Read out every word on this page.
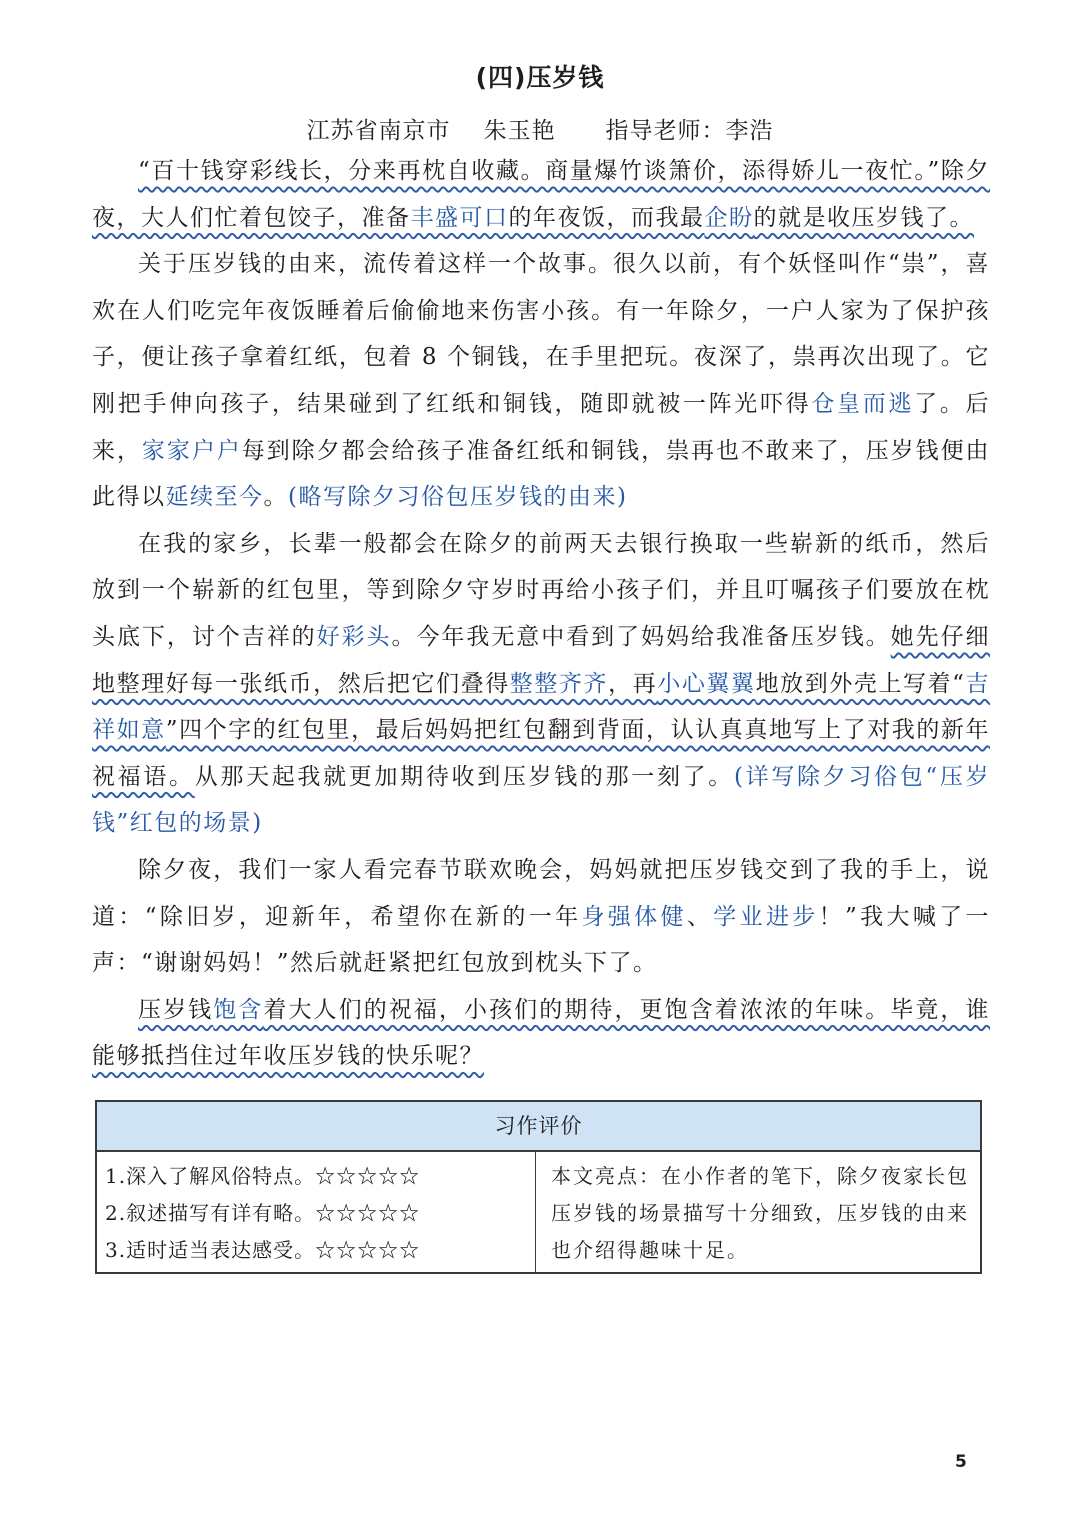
(四)压岁钱
江苏省南京市    朱玉艳      指导老师：李浩

“百十钱穿彩线长，分来再枕自收藏。商量爆竹谈箫价，添得娇儿一夜忙。”除夕夜，大人们忙着包饺子，准备丰盛可口的年夜饭，而我最企盼的就是收压岁钱了。

关于压岁钱的由来，流传着这样一个故事。很久以前，有个妖怪叫作“祟”，喜欢在人们吃完年夜饭睡着后偷偷地来伤害小孩。有一年除夕，一户人家为了保护孩子，便让孩子拿着红纸，包着 8 个铜钱，在手里把玩。夜深了，祟再次出现了。它刚把手伸向孩子，结果碰到了红纸和铜钱，随即就被一阵光吓得仓皇而逃了。后来，家家户户每到除夕都会给孩子准备红纸和铜钱，祟再也不敢来了，压岁钱便由此得以延续至今。(略写除夕习俗包压岁钱的由来)

在我的家乡，长辈一般都会在除夕的前两天去银行换取一些崭新的纸币，然后放到一个崭新的红包里，等到除夕守岁时再给小孩子们，并且叮嘱孩子们要放在枕头底下，讨个吉祥的好彩头。今年我无意中看到了妈妈给我准备压岁钱。她先仔细地整理好每一张纸币，然后把它们叠得整整齐齐，再小心翼翼地放到外壳上写着“吉祥如意”四个字的红包里，最后妈妈把红包翻到背面，认认真真地写上了对我的新年祝福语。从那天起我就更加期待收到压岁钱的那一刻了。(详写除夕习俗包“压岁钱”红包的场景)

除夕夜，我们一家人看完春节联欢晚会，妈妈就把压岁钱交到了我的手上，说道：“除旧岁，迎新年，希望你在新的一年身强体健、学业进步！”我大喊了一声：“谢谢妈妈！”然后就赶紧把红包放到枕头下了。

压岁钱饱含着大人们的祝福，小孩们的期待，更饱含着浓浓的年味。毕竟，谁能够抵挡住过年收压岁钱的快乐呢？

习作评价
1.深入了解风俗特点。☆☆☆☆☆
2.叙述描写有详有略。☆☆☆☆☆
3.适时适当表达感受。☆☆☆☆☆
本文亮点：在小作者的笔下，除夕夜家长包压岁钱的场景描写十分细致，压岁钱的由来也介绍得趣味十足。
5
